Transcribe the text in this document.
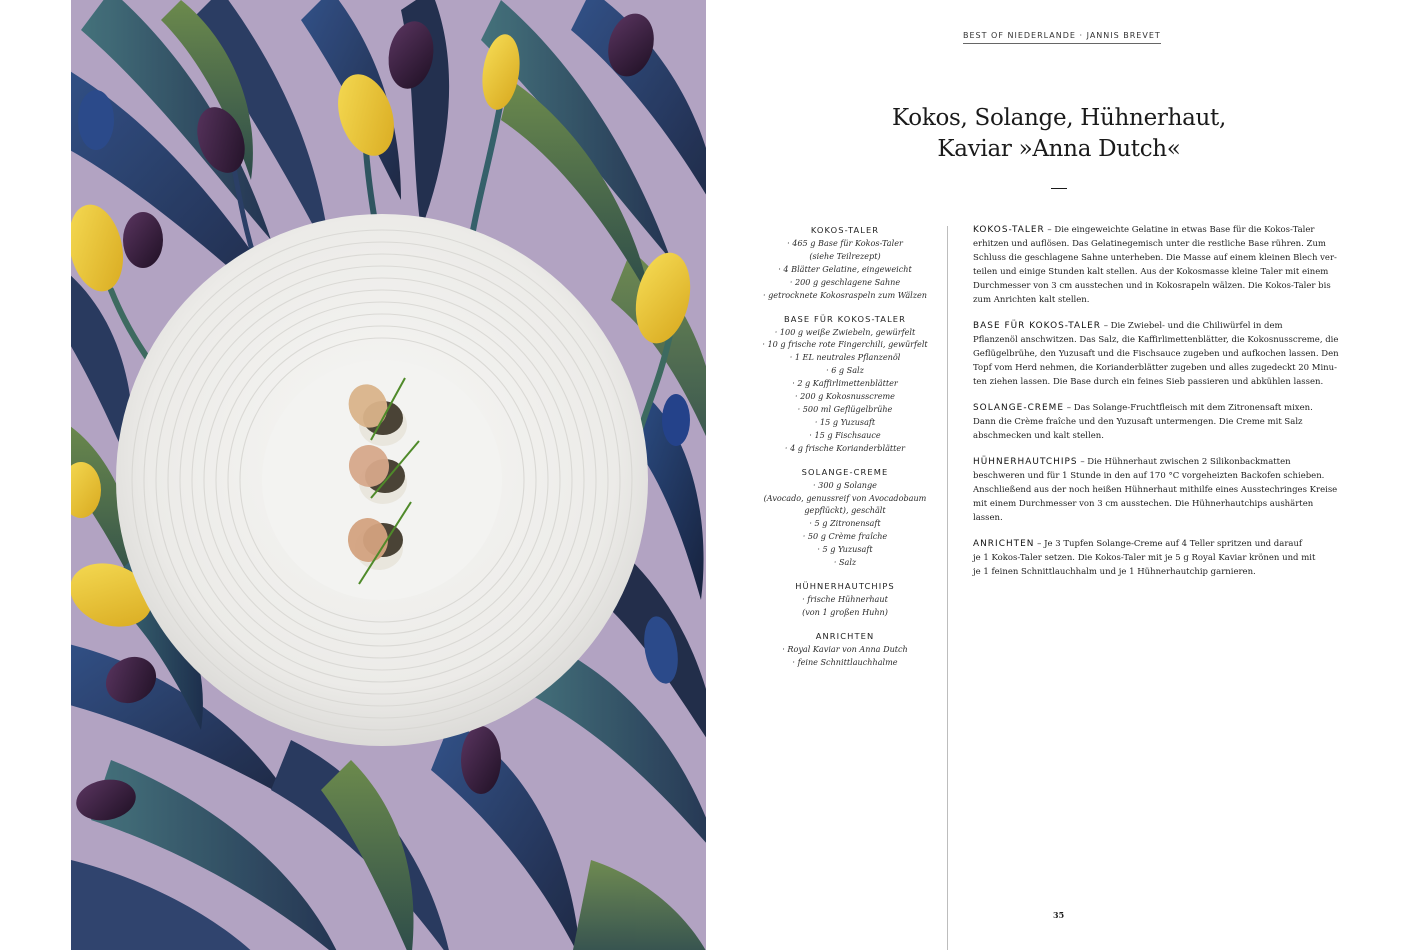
BEST OF NIEDERLANDE · JANNIS BREVET
Kokos, Solange, Hühnerhaut,
Kaviar »Anna Dutch«
KOKOS-TALER
· 465 g Base für Kokos-Taler
(siehe Teilrezept)
· 4 Blätter Gelatine, eingeweicht
· 200 g geschlagene Sahne
· getrocknete Kokosraspeln zum Wälzen
BASE FÜR KOKOS-TALER
· 100 g weiße Zwiebeln, gewürfelt
· 10 g frische rote Fingerchili, gewürfelt
· 1 EL neutrales Pflanzenöl
· 6 g Salz
· 2 g Kaffirlimettenblätter
· 200 g Kokosnusscreme
· 500 ml Geflügelbrühe
· 15 g Yuzusaft
· 15 g Fischsauce
· 4 g frische Korianderblätter
SOLANGE-CREME
· 300 g Solange
(Avocado, genussreif von Avocadobaum
gepflückt), geschält
· 5 g Zitronensaft
· 50 g Crème fraîche
· 5 g Yuzusaft
· Salz
HÜHNERHAUTCHIPS
· frische Hühnerhaut
(von 1 großen Huhn)
ANRICHTEN
· Royal Kaviar von Anna Dutch
· feine Schnittlauchhalme

KOKOS-TALER – Die eingeweichte Gelatine in etwas Base für die Kokos-Taler
erhitzen und auflösen. Das Gelatinegemisch unter die restliche Base rühren. Zum
Schluss die geschlagene Sahne unterheben. Die Masse auf einem kleinen Blech ver-
teilen und einige Stunden kalt stellen. Aus der Kokosmasse kleine Taler mit einem
Durchmesser von 3 cm ausstechen und in Kokosrapeln wälzen. Die Kokos-Taler bis
zum Anrichten kalt stellen.

BASE FÜR KOKOS-TALER – Die Zwiebel- und die Chiliwürfel in dem
Pflanzenöl anschwitzen. Das Salz, die Kaffirlimettenblätter, die Kokosnusscreme, die
Geflügelbrühe, den Yuzusaft und die Fischsauce zugeben und aufkochen lassen. Den
Topf vom Herd nehmen, die Korianderblätter zugeben und alles zugedeckt 20 Minu-
ten ziehen lassen. Die Base durch ein feines Sieb passieren und abkühlen lassen.

SOLANGE-CREME – Das Solange-Fruchtfleisch mit dem Zitronensaft mixen.
Dann die Crème fraîche und den Yuzusaft untermengen. Die Creme mit Salz
abschmecken und kalt stellen.

HÜHNERHAUTCHIPS – Die Hühnerhaut zwischen 2 Silikonbackmatten
beschweren und für 1 Stunde in den auf 170 °C vorgeheizten Backofen schieben.
Anschließend aus der noch heißen Hühnerhaut mithilfe eines Ausstechringes Kreise
mit einem Durchmesser von 3 cm ausstechen. Die Hühnerhautchips aushärten
lassen.

ANRICHTEN – Je 3 Tupfen Solange-Creme auf 4 Teller spritzen und darauf
je 1 Kokos-Taler setzen. Die Kokos-Taler mit je 5 g Royal Kaviar krönen und mit
je 1 feinen Schnittlauchhalm und je 1 Hühnerhautchip garnieren.

35
